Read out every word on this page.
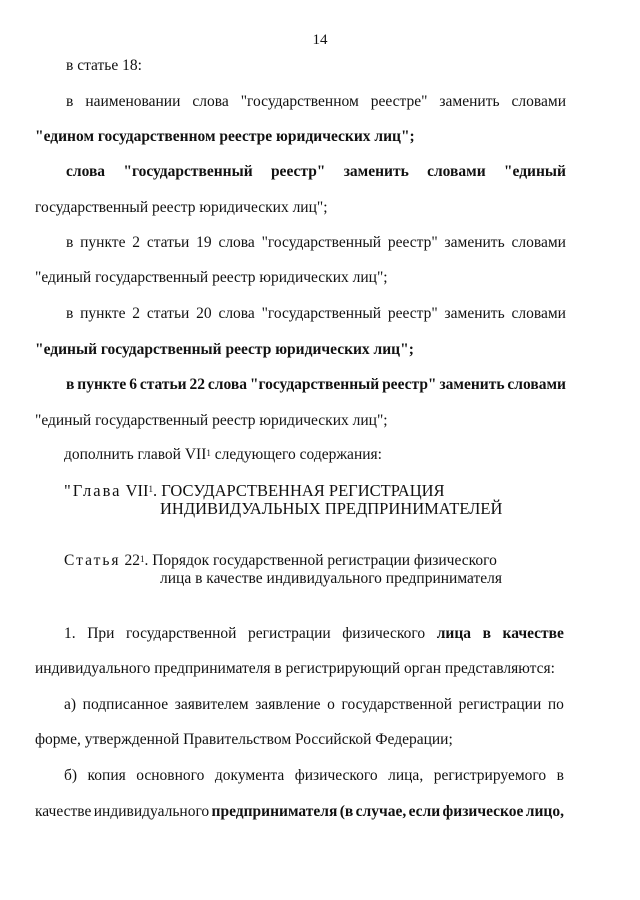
14
в статье 18:
в наименовании слова "государственном реестре" заменить словами
"едином государственном реестре юридических лиц";
слова "государственный реестр" заменить словами "единый
государственный реестр юридических лиц";
в пункте 2 статьи 19 слова "государственный реестр" заменить словами
"единый государственный реестр юридических лиц";
в пункте 2 статьи 20 слова "государственный реестр" заменить словами
"единый государственный реестр юридических лиц";
в пункте 6 статьи 22 слова "государственный реестр" заменить словами
"единый государственный реестр юридических лиц";
дополнить главой VII$^1$ следующего содержания:
"Глава VII$^1$. ГОСУДАРСТВЕННАЯ РЕГИСТРАЦИЯ
ИНДИВИДУАЛЬНЫХ ПРЕДПРИНИМАТЕЛЕЙ
Статья $22^1$. Порядок государственной регистрации физического
лица в качестве индивидуального предпринимателя
1. При государственной регистрации физического лица в качестве
индивидуального предпринимателя в регистрирующий орган представляются:
а) подписанное заявителем заявление о государственной регистрации по
форме, утвержденной Правительством Российской Федерации;
б) копия основного документа физического лица, регистрируемого в
качестве индивидуального предпринимателя (в случае, если физическое лицо,
